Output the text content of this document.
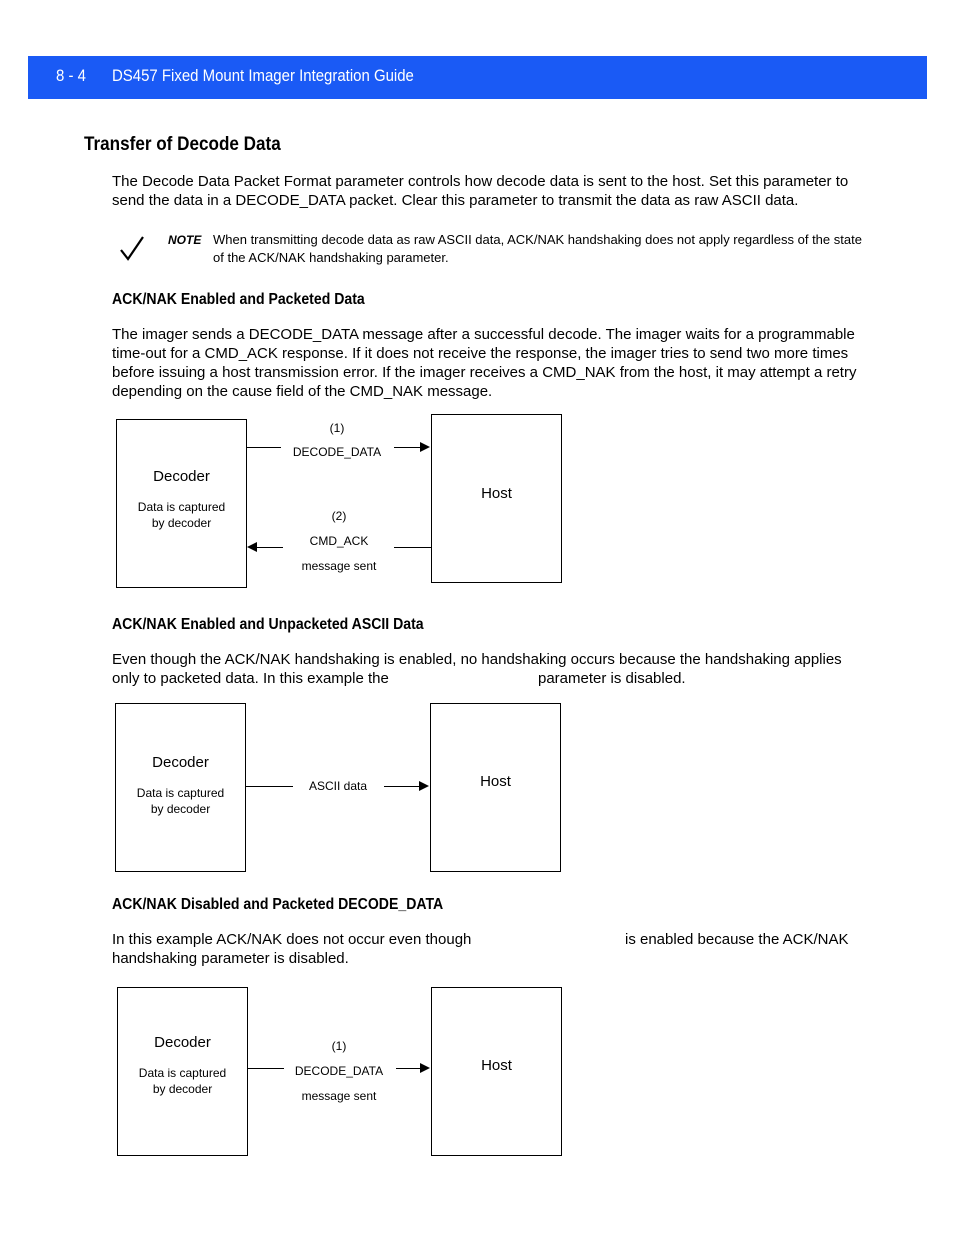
8 - 4 DS457 Fixed Mount Imager Integration Guide
Transfer of Decode Data

The Decode Data Packet Format parameter controls how decode data is sent to the host. Set this parameter to send the data in a DECODE_DATA packet. Clear this parameter to transmit the data as raw ASCII data.

NOTE When transmitting decode data as raw ASCII data, ACK/NAK handshaking does not apply regardless of the state of the ACK/NAK handshaking parameter.
ACK/NAK Enabled and Packeted Data

The imager sends a DECODE_DATA message after a successful decode. The imager waits for a programmable time-out for a CMD_ACK response. If it does not receive the response, the imager tries to send two more times before issuing a host transmission error. If the imager receives a CMD_NAK from the host, it may attempt a retry depending on the cause field of the CMD_NAK message.

Decoder
Data is captured
by decoder
Host
(1)
DECODE_DATA
(2)
CMD_ACK
message sent
ACK/NAK Enabled and Unpacketed ASCII Data
Even though the ACK/NAK handshaking is enabled, no handshaking occurs because the handshaking applies only to packeted data. In this example the	parameter is disabled.
Decoder
Data is captured
by decoder
Host
ASCII data
ACK/NAK Disabled and Packeted DECODE_DATA
In this example ACK/NAK does not occur even though	is enabled because the ACK/NAK
handshaking parameter is disabled.
Decoder
Data is captured
by decoder
Host
(1)
DECODE_DATA
message sent
